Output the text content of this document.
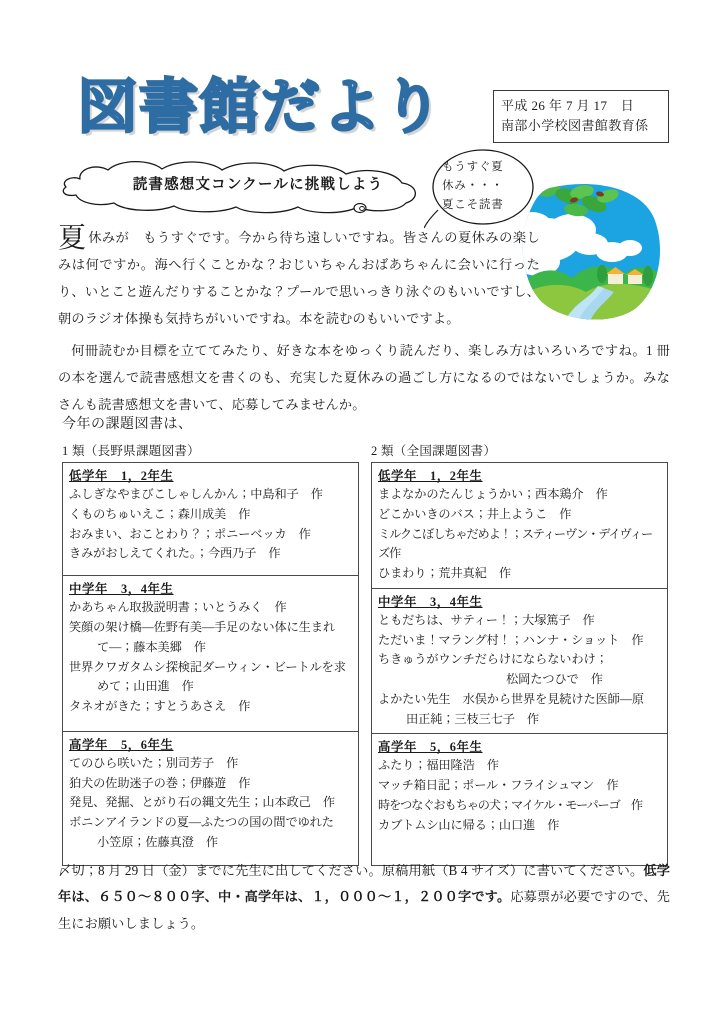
図書館だより	平成 26 年 7 月 17　日
南部小学校図書館教育係
読書感想文コンクールに挑戦しよう
もうすぐ夏
休み・・・
夏こそ読書

夏休みが　もうすぐです。今から待ち遠しいですね。皆さんの夏休みの楽しみは何ですか。海へ行くことかな？おじいちゃんおばあちゃんに会いに行ったり、いとこと遊んだりすることかな？プールで思いっきり泳ぐのもいいですし、朝のラジオ体操も気持ちがいいですね。本を読むのもいいですよ。

何冊読むか目標を立ててみたり、好きな本をゆっくり読んだり、楽しみ方はいろいろですね。1 冊の本を選んで読書感想文を書くのも、充実した夏休みの過ごし方になるのではないでしょうか。みなさんも読書感想文を書いて、応募してみませんか。

今年の課題図書は、
1 類（長野県課題図書）	2 類（全国課題図書）
低学年　1，2年生
ふしぎなやまびこしゃしんかん；中島和子　作
くものちゅいえこ；森川成美　作
おみまい、おことわり？；ポニーベッカ　作
きみがおしえてくれた。；今西乃子　作

中学年　3，4年生
かあちゃん取扱説明書；いとうみく　作
笑顔の架け橋―佐野有美―手足のない体に生まれ
て―；藤本美郷　作
世界クワガタムシ探検記ダーウィン・ビートルを求
めて；山田進　作
タネオがきた；すとうあさえ　作

高学年　5，6年生
てのひら咲いた；別司芳子　作
狛犬の佐助迷子の巻；伊藤遊　作
発見、発掘、とがり石の縄文先生；山本政己　作
ボニンアイランドの夏―ふたつの国の間でゆれた
小笠原；佐藤真澄　作
低学年　1，2年生
まよなかのたんじょうかい；西本鶏介　作
どこかいきのバス；井上ようこ　作
ミルクこぼしちゃだめよ！；スティーヴン・デイヴィーズ作
ひまわり；荒井真紀　作

中学年　3，4年生
ともだちは、サティー！；大塚篤子　作
ただいま！マラング村！；ハンナ・ショット　作
ちきゅうがウンチだらけにならないわけ；
松岡たつひで　作
よかたい先生　水俣から世界を見続けた医師―原
田正純；三枝三七子　作

高学年　5，6年生
ふたり；福田隆浩　作
マッチ箱日記；ポール・フライシュマン　作
時をつなぐおもちゃの犬；マイケル・モーパーゴ　作
カブトムシ山に帰る；山口進　作
〆切；8 月 29 日（金）までに先生に出してください。原稿用紙（B 4 サイズ）に書いてください。低学年は、６５０～８００字、中・高学年は、１，０００～１，２００字です。応募票が必要ですので、先生にお願いしましょう。
